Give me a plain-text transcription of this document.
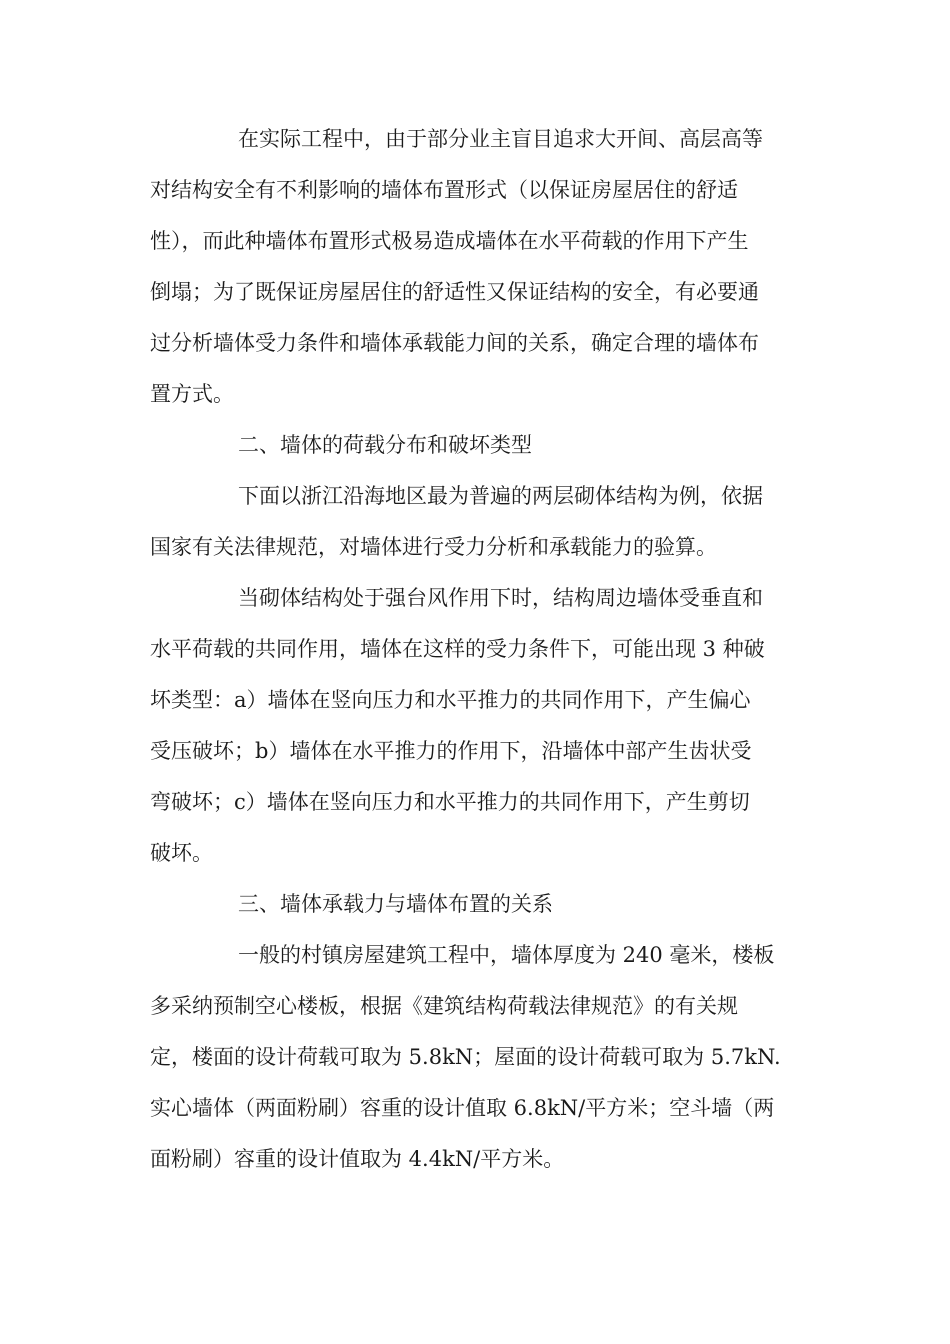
在实际工程中，由于部分业主盲目追求大开间、高层高等
对结构安全有不利影响的墙体布置形式（以保证房屋居住的舒适
性），而此种墙体布置形式极易造成墙体在水平荷载的作用下产生
倒塌；为了既保证房屋居住的舒适性又保证结构的安全，有必要通
过分析墙体受力条件和墙体承载能力间的关系，确定合理的墙体布
置方式。
二、墙体的荷载分布和破坏类型
下面以浙江沿海地区最为普遍的两层砌体结构为例，依据
国家有关法律规范，对墙体进行受力分析和承载能力的验算。
当砌体结构处于强台风作用下时，结构周边墙体受垂直和
水平荷载的共同作用，墙体在这样的受力条件下，可能出现 3 种破
坏类型：a）墙体在竖向压力和水平推力的共同作用下，产生偏心
受压破坏；b）墙体在水平推力的作用下，沿墙体中部产生齿状受
弯破坏；c）墙体在竖向压力和水平推力的共同作用下，产生剪切
破坏。
三、墙体承载力与墙体布置的关系
一般的村镇房屋建筑工程中，墙体厚度为 240 毫米，楼板
多采纳预制空心楼板，根据《建筑结构荷载法律规范》的有关规
定，楼面的设计荷载可取为 5.8kN；屋面的设计荷载可取为 5.7kN.
实心墙体（两面粉刷）容重的设计值取 6.8kN/平方米；空斗墙（两
面粉刷）容重的设计值取为 4.4kN/平方米。
